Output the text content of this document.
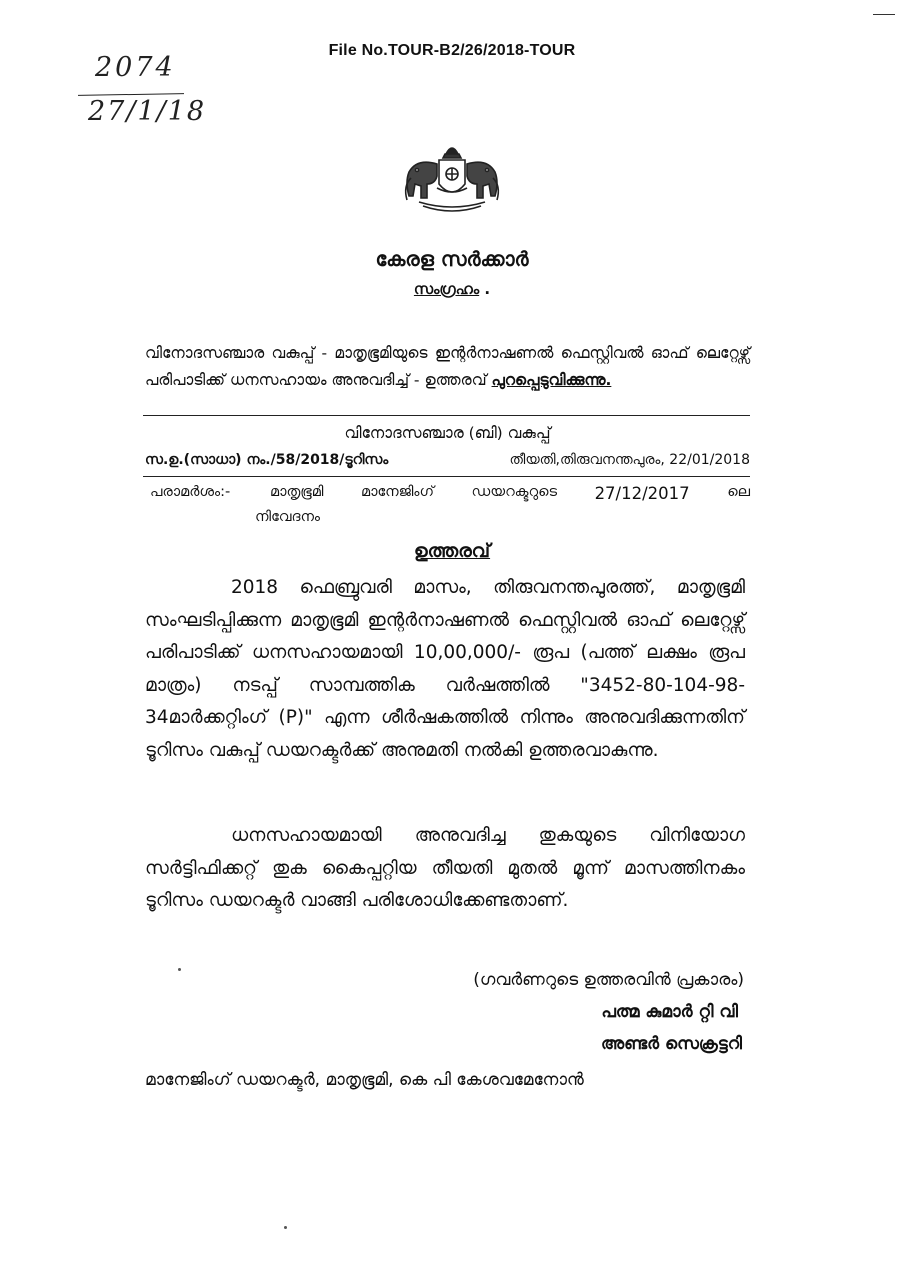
File No.TOUR-B2/26/2018-TOUR
2074
27/1/18
കേരള സർക്കാർ
സംഗ്രഹം .
വിനോദസഞ്ചാര വകുപ്പ് - മാതൃഭൂമിയുടെ ഇന്റർനാഷണൽ ഫെസ്റ്റിവൽ ഓഫ് ലെറ്റേഴ്സ് പരിപാടിക്ക് ധനസഹായം അനുവദിച്ച് - ഉത്തരവ് പുറപ്പെടുവിക്കുന്നു.
വിനോദസഞ്ചാര (ബി) വകുപ്പ്
സ.ഉ.(സാധാ) നം./58/2018/ടൂറിസം	തീയതി,തിരുവനന്തപുരം, 22/01/2018
പരാമർശം:-	മാതൃഭൂമി	മാനേജിംഗ്	ഡയറക്ടറുടെ 27/12/2017	ലെ
നിവേദനം
ഉത്തരവ്
2018 ഫെബ്രുവരി മാസം, തിരുവനന്തപുരത്ത്, മാതൃഭൂമി സംഘടിപ്പിക്കുന്ന മാതൃഭൂമി ഇന്റർനാഷണൽ ഫെസ്റ്റിവൽ ഓഫ് ലെറ്റേഴ്സ് പരിപാടിക്ക് ധനസഹായമായി 10,00,000/- രൂപ (പത്ത് ലക്ഷം രൂപ മാത്രം) നടപ്പ് സാമ്പത്തിക വർഷത്തിൽ "3452-80-104-98-34മാർക്കറ്റിംഗ് (P)" എന്ന ശീർഷകത്തിൽ നിന്നും അനുവദിക്കുന്നതിന് ടൂറിസം വകുപ്പ് ഡയറക്ടർക്ക് അനുമതി നൽകി ഉത്തരവാകുന്നു.
ധനസഹായമായി അനുവദിച്ച തുകയുടെ വിനിയോഗ സർട്ടിഫിക്കറ്റ് തുക കൈപ്പറ്റിയ തീയതി മുതൽ മൂന്ന് മാസത്തിനകം ടൂറിസം ഡയറക്ടർ വാങ്ങി പരിശോധിക്കേണ്ടതാണ്.
(ഗവർണറുടെ ഉത്തരവിൻ പ്രകാരം)
പത്മ കുമാർ റ്റി വി
അണ്ടർ സെക്രട്ടറി
മാനേജിംഗ് ഡയറക്ടർ, മാതൃഭൂമി, കെ പി കേശവമേനോൻ
